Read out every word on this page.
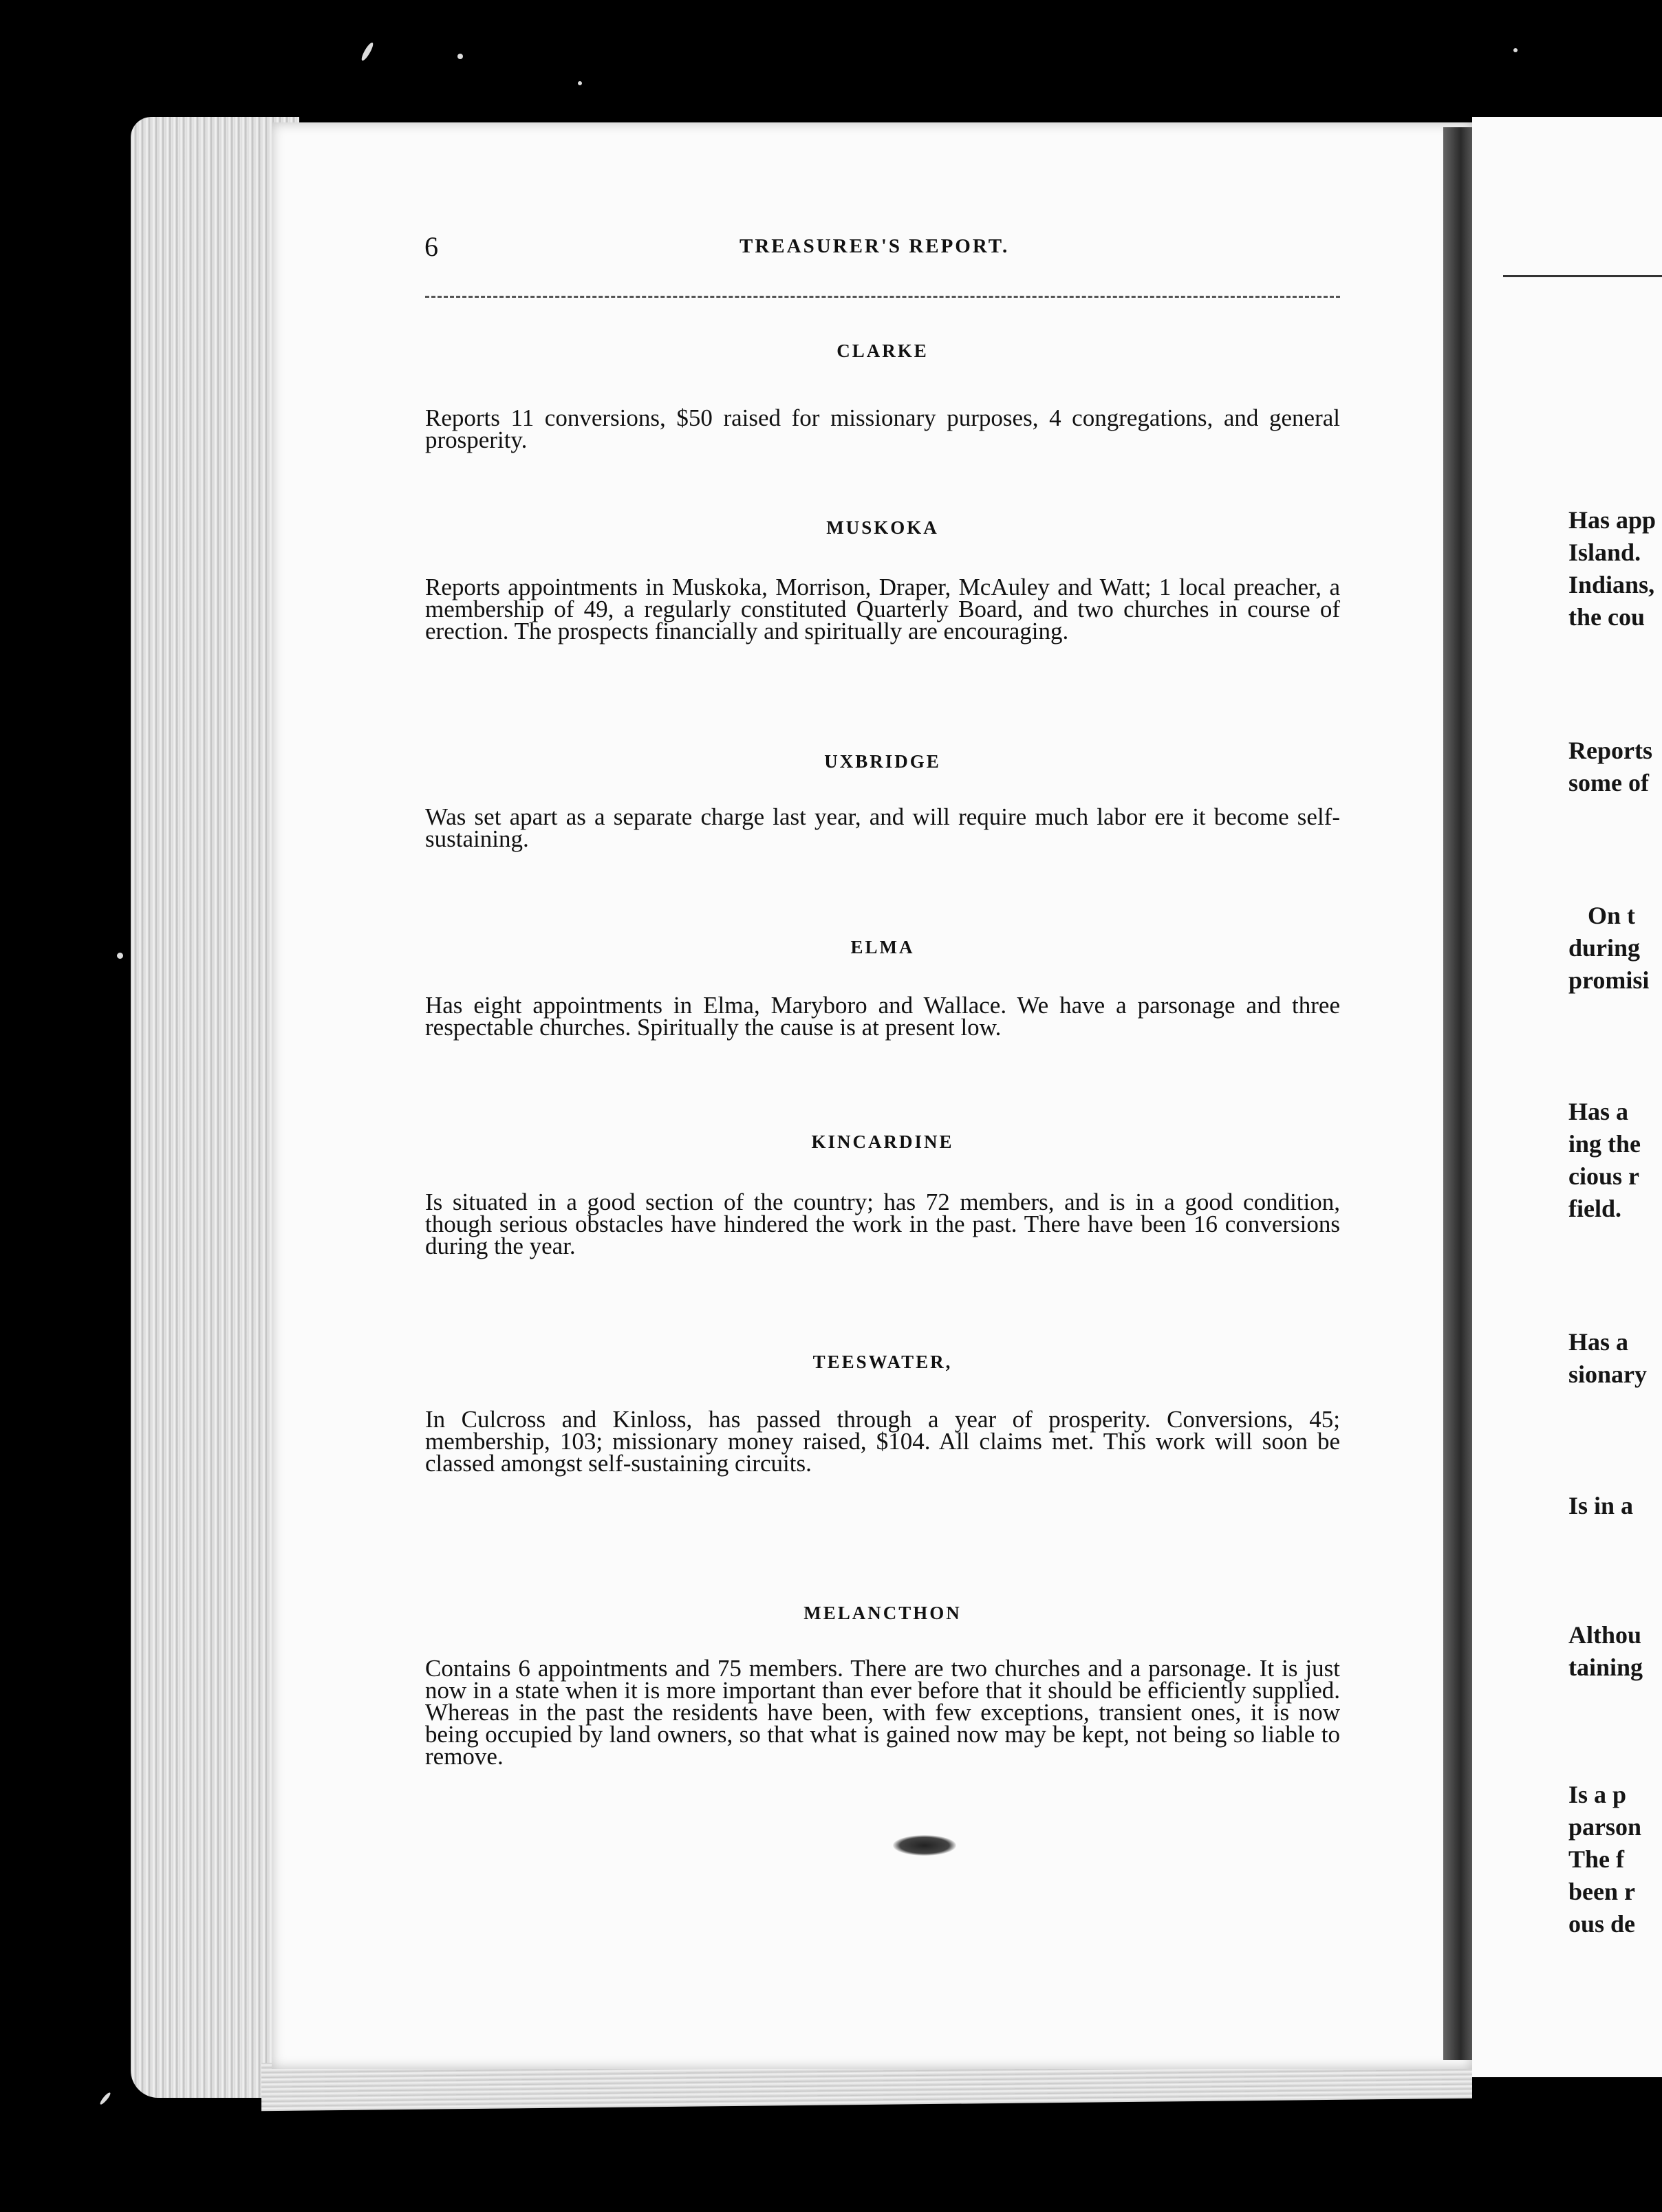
Has app
Island.
Indians,
the cou
Reports
some of
On t
during
promisi
Has a
ing the
cious r
field.
Has a
sionary
Is in a
Althou
taining
Is a p
parson
The f
been r
ous de
6	TREASURER'S REPORT.
CLARKE
Reports 11 conversions, $50 raised for missionary purposes, 4 congregations, and general prosperity.
MUSKOKA
Reports appointments in Muskoka, Morrison, Draper, McAuley and Watt; 1 local preacher, a membership of 49, a regularly constituted Quarterly Board, and two churches in course of erection. The prospects financially and spiritually are encouraging.
UXBRIDGE
Was set apart as a separate charge last year, and will require much labor ere it become self-sustaining.
ELMA
Has eight appointments in Elma, Maryboro and Wallace. We have a parsonage and three respectable churches. Spiritually the cause is at present low.
KINCARDINE
Is situated in a good section of the country; has 72 members, and is in a good condition, though serious obstacles have hindered the work in the past. There have been 16 conversions during the year.
TEESWATER,
In Culcross and Kinloss, has passed through a year of prosperity. Conversions, 45; membership, 103; missionary money raised, $104. All claims met. This work will soon be classed amongst self-sustaining circuits.
MELANCTHON
Contains 6 appointments and 75 members. There are two churches and a parsonage. It is just now in a state when it is more important than ever before that it should be efficiently supplied. Whereas in the past the residents have been, with few exceptions, transient ones, it is now being occupied by land owners, so that what is gained now may be kept, not being so liable to remove.
